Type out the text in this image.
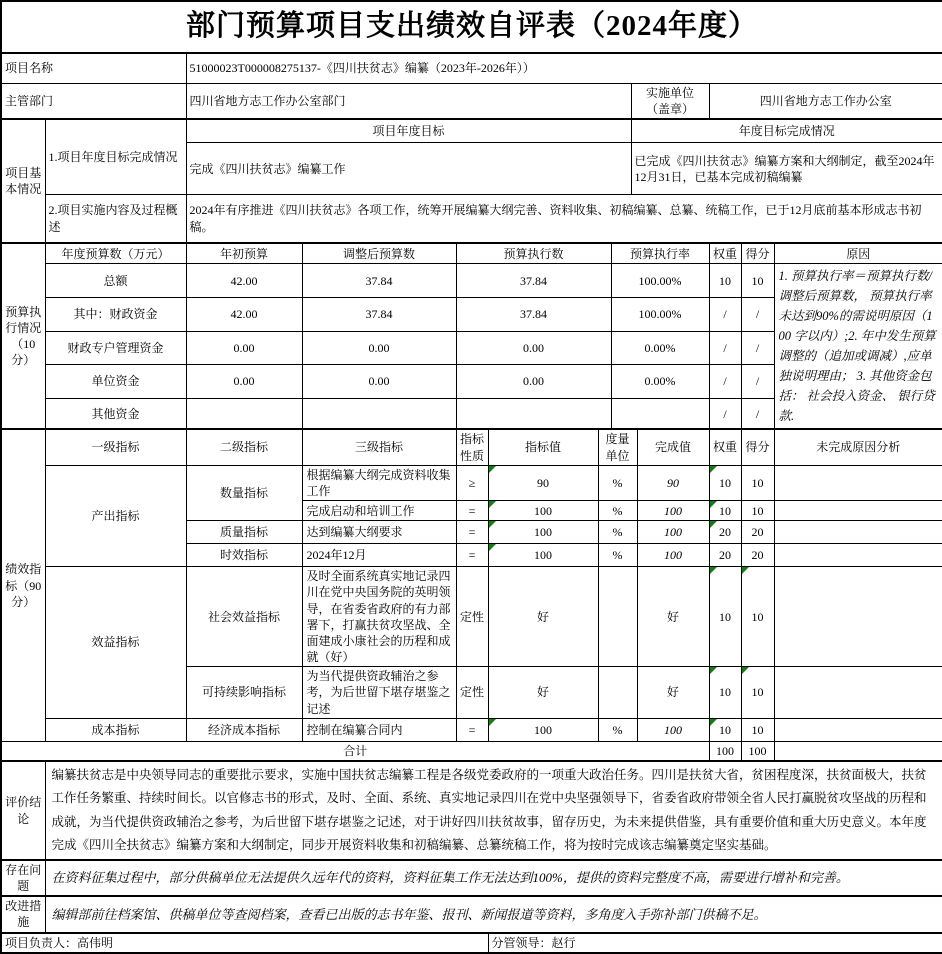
部门预算项目支出绩效自评表（2024年度）												
项目名称		51000023T000008275137-《四川扶贫志》编纂（2023年-2026年））										
主管部门		四川省地方志工作办公室部门						实施单位（盖章）		四川省地方志工作办公室		
项目基本情况	1.项目年度目标完成情况	项目年度目标						年度目标完成情况				
		完成《四川扶贫志》编纂工作						已完成《四川扶贫志》编纂方案和大纲制定，截至2024年12月31日，已基本完成初稿编纂				
	2.项目实施内容及过程概述	2024年有序推进《四川扶贫志》各项工作，统筹开展编纂大纲完善、资料收集、初稿编纂、总纂、统稿工作，已于12月底前基本形成志书初稿。										
预算执行情况（10分）	年度预算数（万元）	年初预算	调整后预算数	预算执行数			预算执行率			权重	得分	原因
	总额	42.00	37.84	37.84			100.00%			10	10	1. 预算执行率＝预算执行数/ 调整后预算数， 预算执行率未达到90%的需说明原因（100 字以内）;2. 年中发生预算调整的（追加或调减）,应单独说明理由； 3. 其他资金包括： 社会投入资金、 银行贷款.
	其中：财政资金	42.00	37.84	37.84			100.00%			/	/	
	财政专户管理资金	0.00	0.00	0.00			0.00%			/	/	
	单位资金	0.00	0.00	0.00			0.00%			/	/	
	其他资金									/	/	
绩效指标（90分）	一级指标	二级指标	三级指标	指标性质	指标值	度量单位			完成值	权重	得分	未完成原因分析
	产出指标	数量指标	根据编纂大纲完成资料收集工作	≥	90	%			90	10	10	
			完成启动和培训工作	=	100	%			100	10	10	
		质量指标	达到编纂大纲要求	=	100	%			100	20	20	
		时效指标	2024年12月	=	100	%			100	20	20	
	效益指标	社会效益指标	及时全面系统真实地记录四川在党中央国务院的英明领导，在省委省政府的有力部署下，打赢扶贫攻坚战、全面建成小康社会的历程和成就（好）	定性	好				好	10	10	
		可持续影响指标	为当代提供资政辅治之参考，为后世留下堪存堪鉴之记述	定性	好				好	10	10	
	成本指标	经济成本指标	控制在编纂合同内	=	100	%			100	10	10	
合计										100	100	
评价结论	编纂扶贫志是中央领导同志的重要批示要求，实施中国扶贫志编纂工程是各级党委政府的一项重大政治任务。四川是扶贫大省，贫困程度深，扶贫面极大，扶贫工作任务繁重、持续时间长。以官修志书的形式，及时、全面、系统、真实地记录四川在党中央坚强领导下，省委省政府带领全省人民打赢脱贫攻坚战的历程和成就，为当代提供资政辅治之参考，为后世留下堪存堪鉴之记述，对于讲好四川扶贫故事，留存历史，为未来提供借鉴，具有重要价值和重大历史意义。本年度完成《四川全扶贫志》编纂方案和大纲制定，同步开展资料收集和初稿编纂、总纂统稿工作，将为按时完成该志编纂奠定坚实基础。											
存在问题	在资料征集过程中，部分供稿单位无法提供久远年代的资料，资料征集工作无法达到100%，提供的资料完整度不高，需要进行增补和完善。											
改进措施	编辑部前往档案馆、供稿单位等查阅档案，查看已出版的志书年鉴、报刊、新闻报道等资料，多角度入手弥补部门供稿不足。											
项目负责人：高伟明					分管领导：赵行							
